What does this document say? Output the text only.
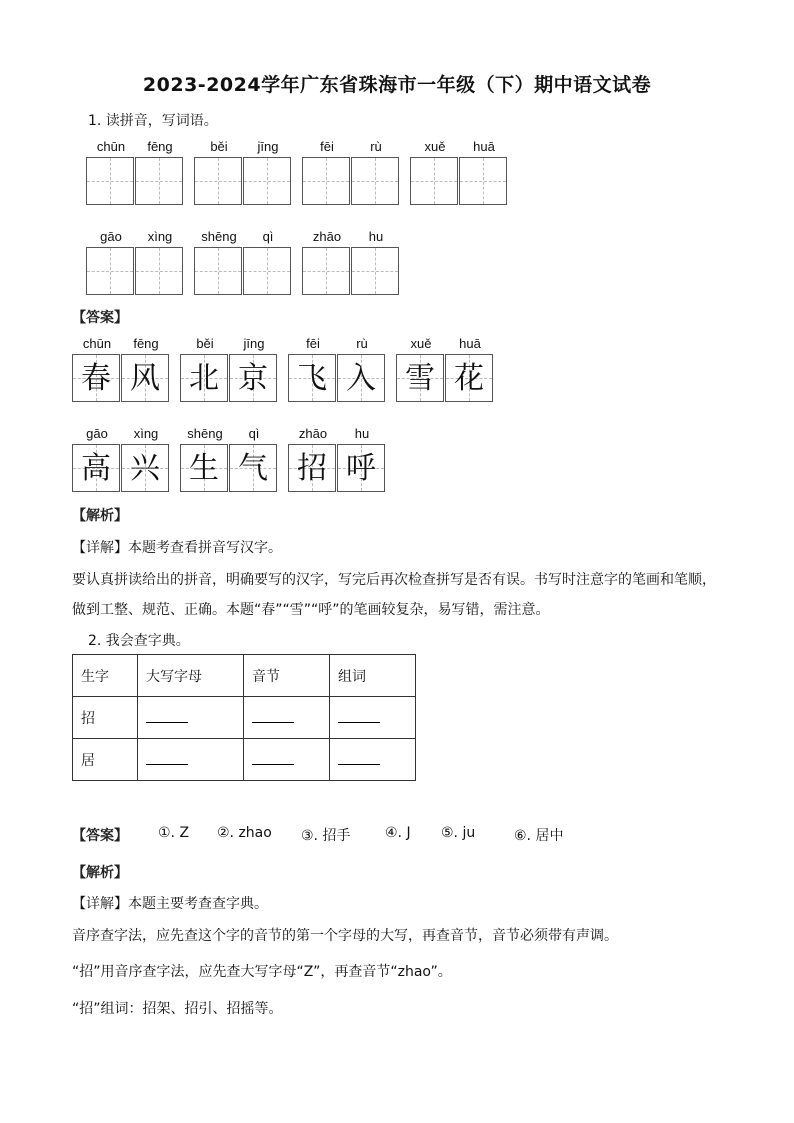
2023-2024学年广东省珠海市一年级（下）期中语文试卷
1. 读拼音，写词语。
chūn	fēng	běi	jīng	fēi	rù	xuě	huā
gāo	xìng	shēng	qì	zhāo	hu
【答案】
chūn
春
fēng
风
běi
北
jīng
京
fēi
飞
rù
入
xuě
雪
huā
花
gāo
高
xìng
兴
shēng
生
qì
气
zhāo
招
hu
呼
【解析】
【详解】本题考查看拼音写汉字。
要认真拼读给出的拼音，明确要写的汉字，写完后再次检查拼写是否有误。书写时注意字的笔画和笔顺，
做到工整、规范、正确。本题“春”“雪”“呼”的笔画较复杂，易写错，需注意。
2. 我会查字典。
生字	大写字母	音节	组词
招			
居			
【答案】 ①. Z ②. zhao ③. 招手 ④. J ⑤. ju	⑥. 居中
【解析】
【详解】本题主要考查查字典。
音序查字法，应先查这个字的音节的第一个字母的大写，再查音节，音节必须带有声调。
“招”用音序查字法，应先查大写字母“Z”，再查音节“zhao”。
“招”组词：招架、招引、招摇等。
